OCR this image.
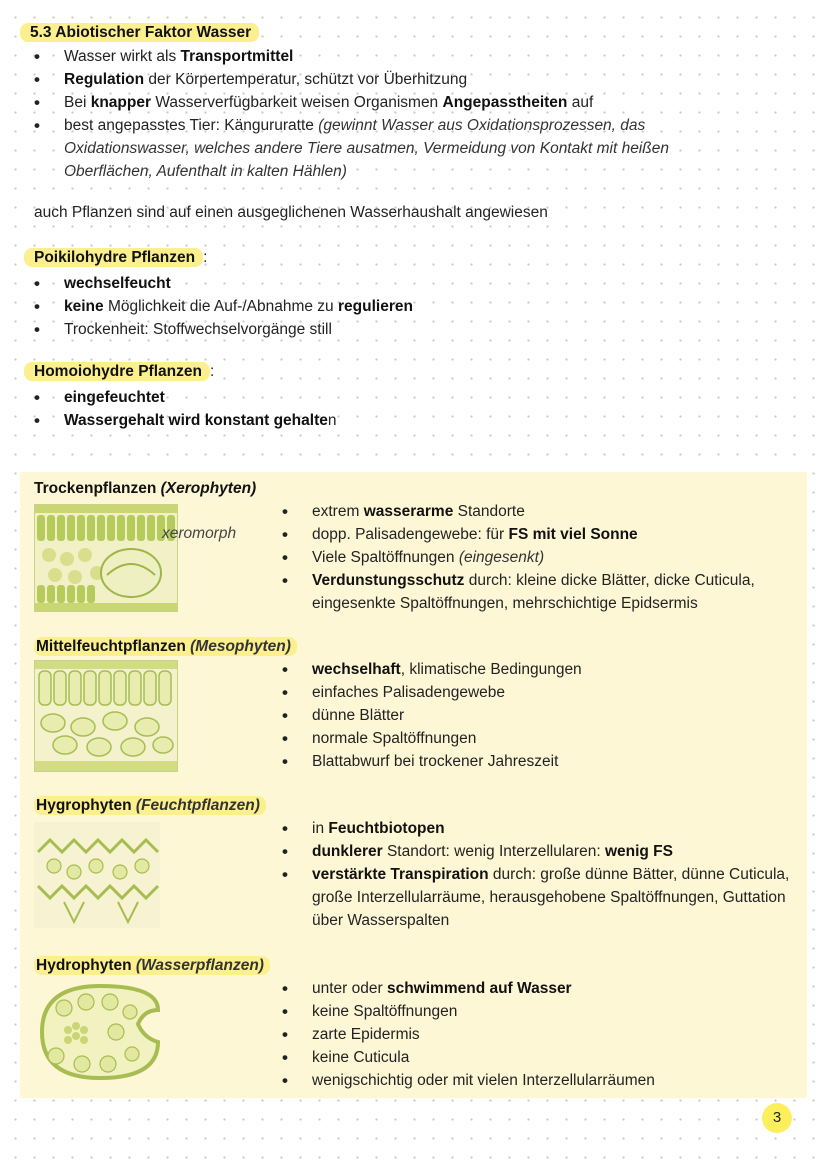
5.3 Abiotischer Faktor Wasser
• Wasser wirkt als Transportmittel
• Regulation der Körpertemperatur, schützt vor Überhitzung
• Bei knapper Wasserverfügbarkeit weisen Organismen Angepasstheiten auf
• best angepasstes Tier: Kängururatte (gewinnt Wasser aus Oxidationsprozessen, das Oxidationswasser, welches andere Tiere ausatmen, Vermeidung von Kontakt mit heißen Oberflächen, Aufenthalt in kalten Hählen)
auch Pflanzen sind auf einen ausgeglichenen Wasserhaushalt angewiesen
Poikilohydre Pflanzen :
• wechselfeucht
• keine Möglichkeit die Auf-/Abnahme zu regulieren
• Trockenheit: Stoffwechselvorgänge still
Homoiohydre Pflanzen :
• eingefeuchtet
• Wassergehalt wird konstant gehalten
Trockenpflanzen (Xerophyten)
xeromorph
• extrem wasserarme Standorte
• dopp. Palisadengewebe: für FS mit viel Sonne
• Viele Spaltöffnungen (eingesenkt)
• Verdunstungsschutz durch: kleine dicke Blätter, dicke Cuticula, eingesenkte Spaltöffnungen, mehrschichtige Epidsermis
Mittelfeuchtpflanzen (Mesophyten)
• wechselhaft, klimatische Bedingungen
• einfaches Palisadengewebe
• dünne Blätter
• normale Spaltöffnungen
• Blattabwurf bei trockener Jahreszeit
Hygrophyten (Feuchtpflanzen)
• in Feuchtbiotopen
• dunklerer Standort: wenig Interzellularen: wenig FS
• verstärkte Transpiration durch: große dünne Bätter, dünne Cuticula, große Interzellularräume, herausgehobene Spaltöffnungen, Guttation über Wasserspalten
Hydrophyten (Wasserpflanzen)
• unter oder schwimmend auf Wasser
• keine Spaltöffnungen
• zarte Epidermis
• keine Cuticula
• wenigschichtig oder mit vielen Interzellularräumen
3
